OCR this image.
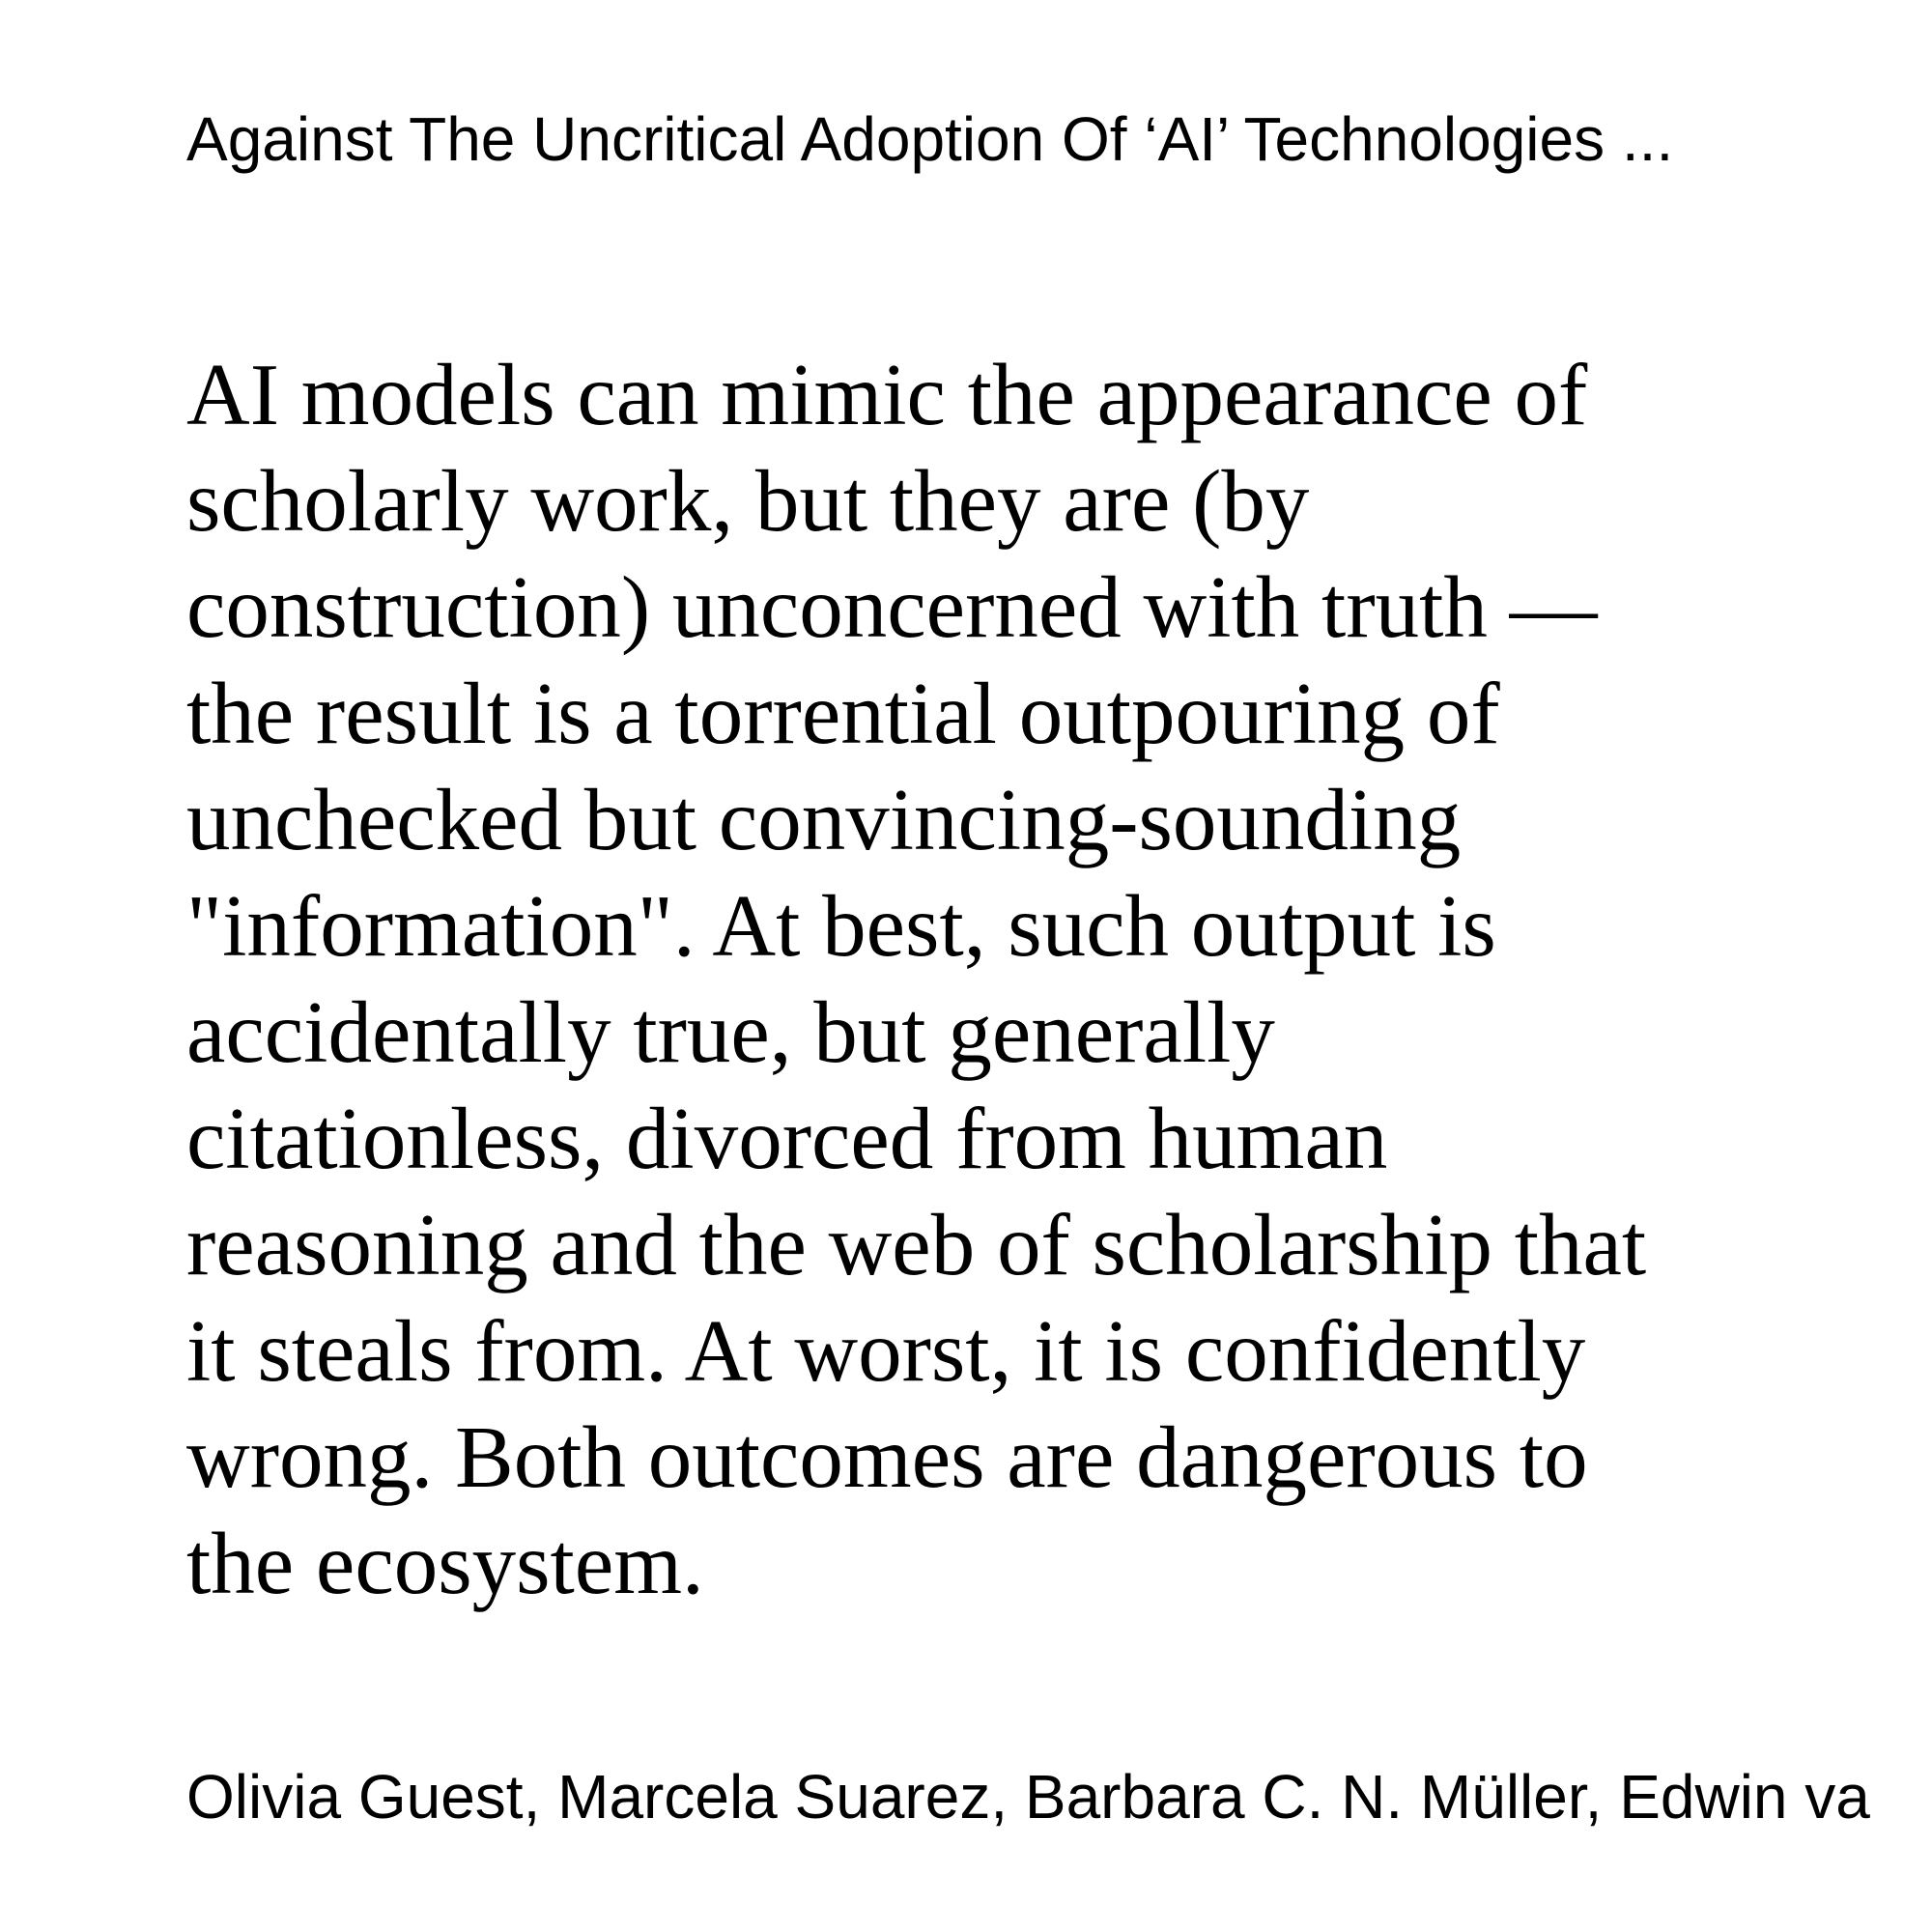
Against The Uncritical Adoption Of ‘AI’ Technologies ...
AI models can mimic the appearance of
scholarly work, but they are (by
construction) unconcerned with truth —
the result is a torrential outpouring of
unchecked but convincing-sounding
"information". At best, such output is
accidentally true, but generally
citationless, divorced from human
reasoning and the web of scholarship that
it steals from. At worst, it is confidently
wrong. Both outcomes are dangerous to
the ecosystem.
Olivia Guest, Marcela Suarez, Barbara C. N. Müller, Edwin va
